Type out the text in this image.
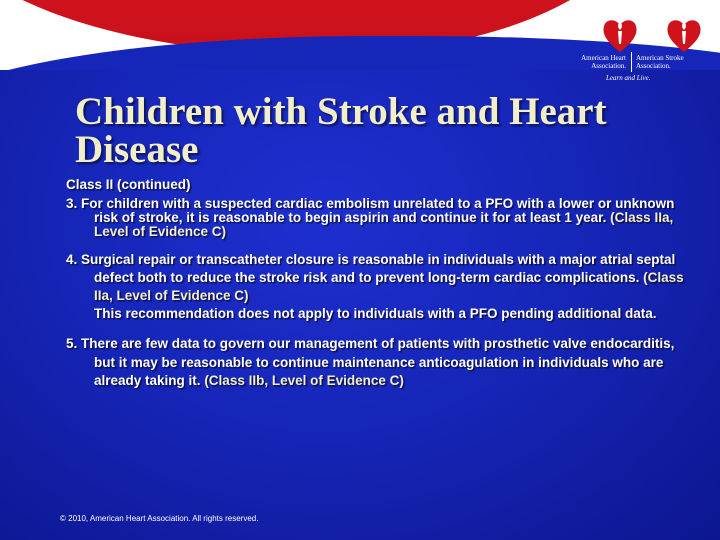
American Heart
Association.
American Stroke
Association.
Learn and Live.
Children with Stroke and Heart Disease
Class II (continued)
3. For children with a suspected cardiac embolism unrelated to a PFO with a lower or unknown risk of stroke, it is reasonable to begin aspirin and continue it for at least 1 year. (Class IIa, Level of Evidence C)
4. Surgical repair or transcatheter closure is reasonable in individuals with a major atrial septal defect both to reduce the stroke risk and to prevent long-term cardiac complications. (Class IIa, Level of Evidence C)
This recommendation does not apply to individuals with a PFO pending additional data.
5. There are few data to govern our management of patients with prosthetic valve endocarditis, but it may be reasonable to continue maintenance anticoagulation in individuals who are already taking it. (Class IIb, Level of Evidence C)
© 2010, American Heart Association. All rights reserved.
